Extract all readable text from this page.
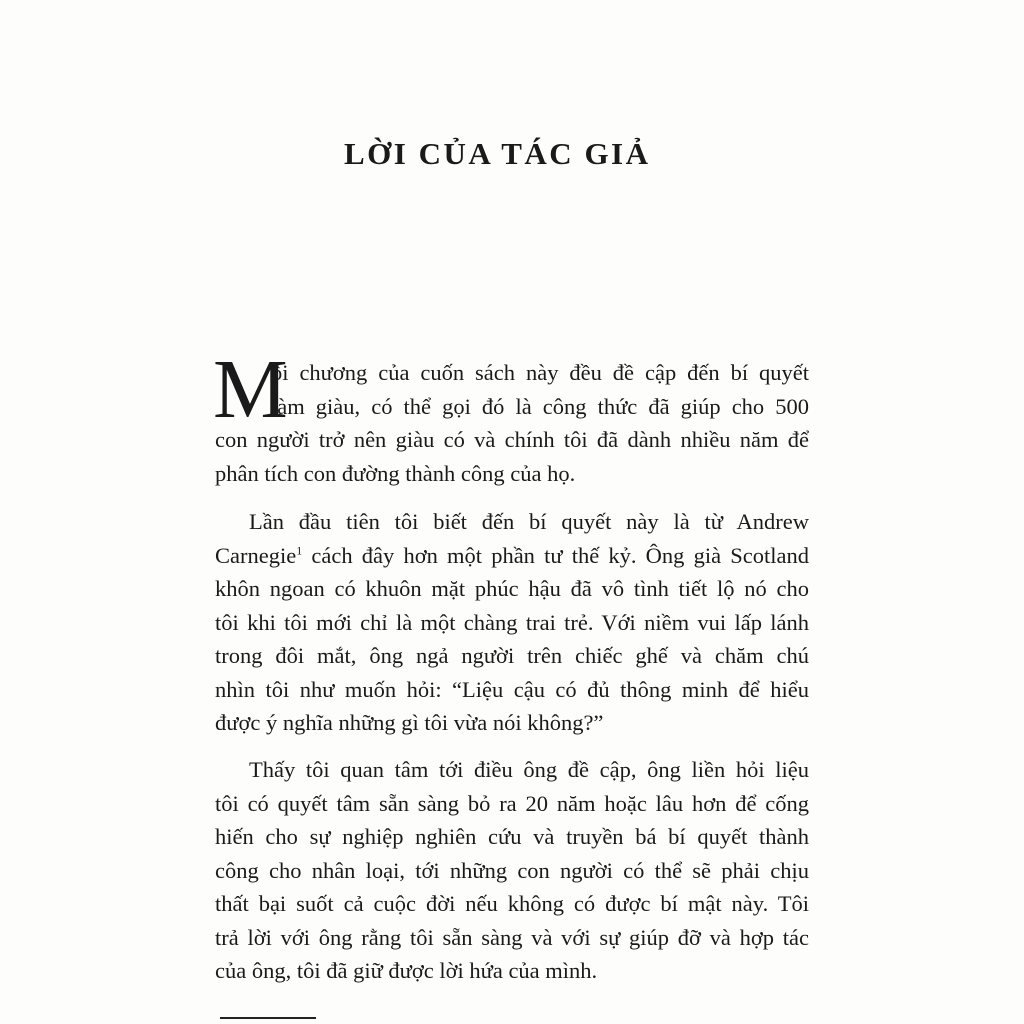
LỜI CỦA TÁC GIẢ
M
ỗi chương của cuốn sách này đều đề cập đến bí quyết
làm giàu, có thể gọi đó là công thức đã giúp cho 500
con người trở nên giàu có và chính tôi đã dành nhiều năm để
phân tích con đường thành công của họ.
Lần đầu tiên tôi biết đến bí quyết này là từ Andrew
Carnegie$^1$ cách đây hơn một phần tư thế kỷ. Ông già Scotland
khôn ngoan có khuôn mặt phúc hậu đã vô tình tiết lộ nó cho
tôi khi tôi mới chỉ là một chàng trai trẻ. Với niềm vui lấp lánh
trong đôi mắt, ông ngả người trên chiếc ghế và chăm chú
nhìn tôi như muốn hỏi: “Liệu cậu có đủ thông minh để hiểu
được ý nghĩa những gì tôi vừa nói không?”
Thấy tôi quan tâm tới điều ông đề cập, ông liền hỏi liệu
tôi có quyết tâm sẵn sàng bỏ ra 20 năm hoặc lâu hơn để cống
hiến cho sự nghiệp nghiên cứu và truyền bá bí quyết thành
công cho nhân loại, tới những con người có thể sẽ phải chịu
thất bại suốt cả cuộc đời nếu không có được bí mật này. Tôi
trả lời với ông rằng tôi sẵn sàng và với sự giúp đỡ và hợp tác
của ông, tôi đã giữ được lời hứa của mình.
